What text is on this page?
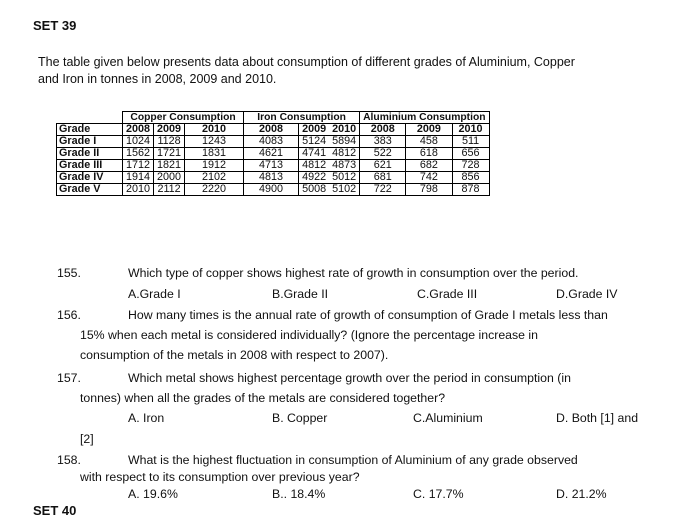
SET 39
The table given below presents data about consumption of different grades of Aluminium, Copper
and Iron in tonnes in 2008, 2009 and 2010.
	Copper Consumption			Iron Consumption			Aluminium Consumption		
Grade	2008	2009	2010	2008	2009	2010	2008	2009	2010
Grade I	1024	1128	1243	4083	5124	5894	383	458	511
Grade II	1562	1721	1831	4621	4741	4812	522	618	656
Grade III	1712	1821	1912	4713	4812	4873	621	682	728
Grade IV	1914	2000	2102	4813	4922	5012	681	742	856
Grade V	2010	2112	2220	4900	5008	5102	722	798	878
155.	Which type of copper shows highest rate of growth in consumption over the period.
A.Grade I	B.Grade II	C.Grade III	D.Grade IV
156.	How many times is the annual rate of growth of consumption of Grade I metals less than
15% when each metal is considered individually? (Ignore the percentage increase in
consumption of the metals in 2008 with respect to 2007).
157.	Which metal shows highest percentage growth over the period in consumption (in
tonnes) when all the grades of the metals are considered together?
A. Iron	B. Copper	C.Aluminium	D. Both [1] and
[2]
158.	What is the highest fluctuation in consumption of Aluminium of any grade observed
with respect to its consumption over previous year?
A. 19.6%	B.. 18.4%	C. 17.7%	D. 21.2%
SET 40
